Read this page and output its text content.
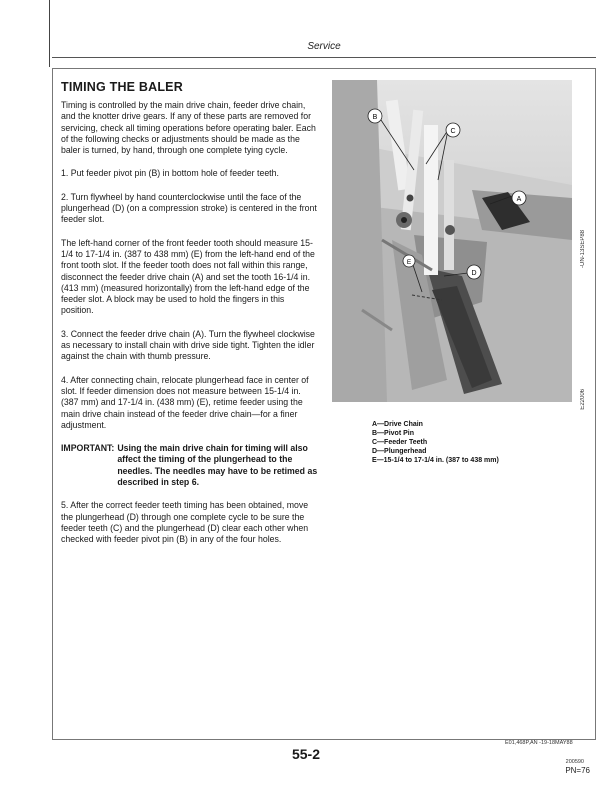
Service
TIMING THE BALER

Timing is controlled by the main drive chain, feeder drive chain, and the knotter drive gears. If any of these parts are removed for servicing, check all timing operations before operating baler. Each of the following checks or adjustments should be made as the baler is turned, by hand, through one complete tying cycle.

1. Put feeder pivot pin (B) in bottom hole of feeder teeth.

2. Turn flywheel by hand counterclockwise until the face of the plungerhead (D) (on a compression stroke) is centered in the front feeder slot.

The left-hand corner of the front feeder tooth should measure 15-1/4 to 17-1/4 in. (387 to 438 mm) (E) from the left-hand end of the front tooth slot. If the feeder tooth does not fall within this range, disconnect the feeder drive chain (A) and set the tooth 16-1/4 in. (413 mm) (measured horizontally) from the left-hand edge of the feeder slot. A block may be used to hold the fingers in this position.

3. Connect the feeder drive chain (A). Turn the flywheel clockwise as necessary to install chain with drive side tight. Tighten the idler against the chain with thumb pressure.

4. After connecting chain, relocate plungerhead face in center of slot. If feeder dimension does not measure between 15-1/4 in. (387 mm) and 17-1/4 in. (438 mm) (E), retime feeder using the main drive chain instead of the feeder drive chain—for a finer adjustment.

IMPORTANT: Using the main drive chain for timing will also affect the timing of the plungerhead to the needles. The needles may have to be retimed as described in step 6.

5. After the correct feeder teeth timing has been obtained, move the plungerhead (D) through one complete cycle to be sure the feeder teeth (C) and the plungerhead (D) clear each other when checked with feeder pivot pin (B) in any of the four holes.

B
C
A
D
E	-UN-13SEP88
E22006
A—Drive Chain
B—Pivot Pin
C—Feeder Teeth
D—Plungerhead
E—15-1/4 to 17-1/4 in. (387 to 438 mm)
E01,468P,AN -19-18MAY88
55-2	200590
PN=76
